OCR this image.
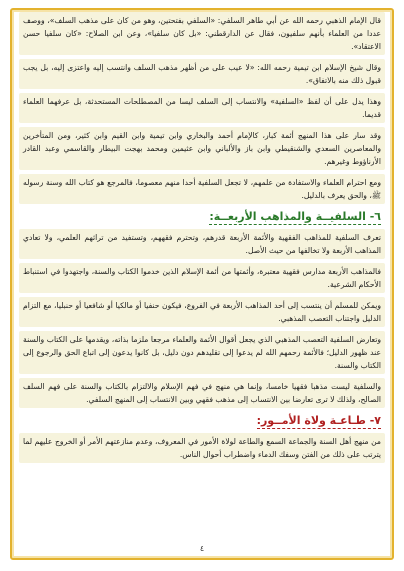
قال الإمام الذهبي رحمه الله عن أبي طاهر السلفي: «السلفي بفتحتين، وهو من كان على مذهب السلف»، ووصف عددا من العلماء بأنهم سلفيون، فقال عن الدارقطني: «بل كان سلفيا»، وعن ابن الصلاح: «كان سلفيا حسن الاعتقاد».

وقال شيخ الإسلام ابن تيمية رحمه الله: «لا عيب على من أظهر مذهب السلف وانتسب إليه واعتزى إليه، بل يجب قبول ذلك منه بالاتفاق».

وهذا يدل على أن لفظ «السلفية» والانتساب إلى السلف ليسا من المصطلحات المستحدثة، بل عرفهما العلماء قديما.

وقد سار على هذا المنهج أئمة كبار، كالإمام أحمد والبخاري وابن تيمية وابن القيم وابن كثير، ومن المتأخرين والمعاصرين السعدي والشنقيطي وابن باز والألباني وابن عثيمين ومحمد بهجت البيطار والقاسمي وعبد القادر الأرناؤوط وغيرهم.

ومع احترام العلماء والاستفادة من علمهم، لا تجعل السلفية أحدا منهم معصوما، فالمرجع هو كتاب الله وسنة رسوله ﷺ، والحق يعرف بالدليل.

٦- السلفيــة والمذاهب الأربعــة:

تعرف السلفية للمذاهب الفقهية والأئمة الأربعة قدرهم، وتحترم فقههم، وتستفيد من تراثهم العلمي، ولا تعادي المذاهب الأربعة ولا تخالفها من حيث الأصل.

فالمذاهب الأربعة مدارس فقهية معتبرة، وأئمتها من أئمة الإسلام الذين خدموا الكتاب والسنة، واجتهدوا في استنباط الأحكام الشرعية.

ويمكن للمسلم أن ينتسب إلى أحد المذاهب الأربعة في الفروع، فيكون حنفيا أو مالكيا أو شافعيا أو حنبليا، مع التزام الدليل واجتناب التعصب المذهبي.

وتعارض السلفية التعصب المذهبي الذي يجعل أقوال الأئمة والعلماء مرجعا ملزما بذاته، ويقدمها على الكتاب والسنة عند ظهور الدليل؛ فالأئمة رحمهم الله لم يدعوا إلى تقليدهم دون دليل، بل كانوا يدعون إلى اتباع الحق والرجوع إلى الكتاب والسنة.

والسلفية ليست مذهبا فقهيا خامسا، وإنما هي منهج في فهم الإسلام والالتزام بالكتاب والسنة على فهم السلف الصالح، ولذلك لا ترى تعارضا بين الانتساب إلى مذهب فقهي وبين الانتساب إلى المنهج السلفي.

٧- طـاعـة ولاة الأمــور:

من منهج أهل السنة والجماعة السمع والطاعة لولاة الأمور في المعروف، وعدم منازعتهم الأمر أو الخروج عليهم لما يترتب على ذلك من الفتن وسفك الدماء واضطراب أحوال الناس.

٤
